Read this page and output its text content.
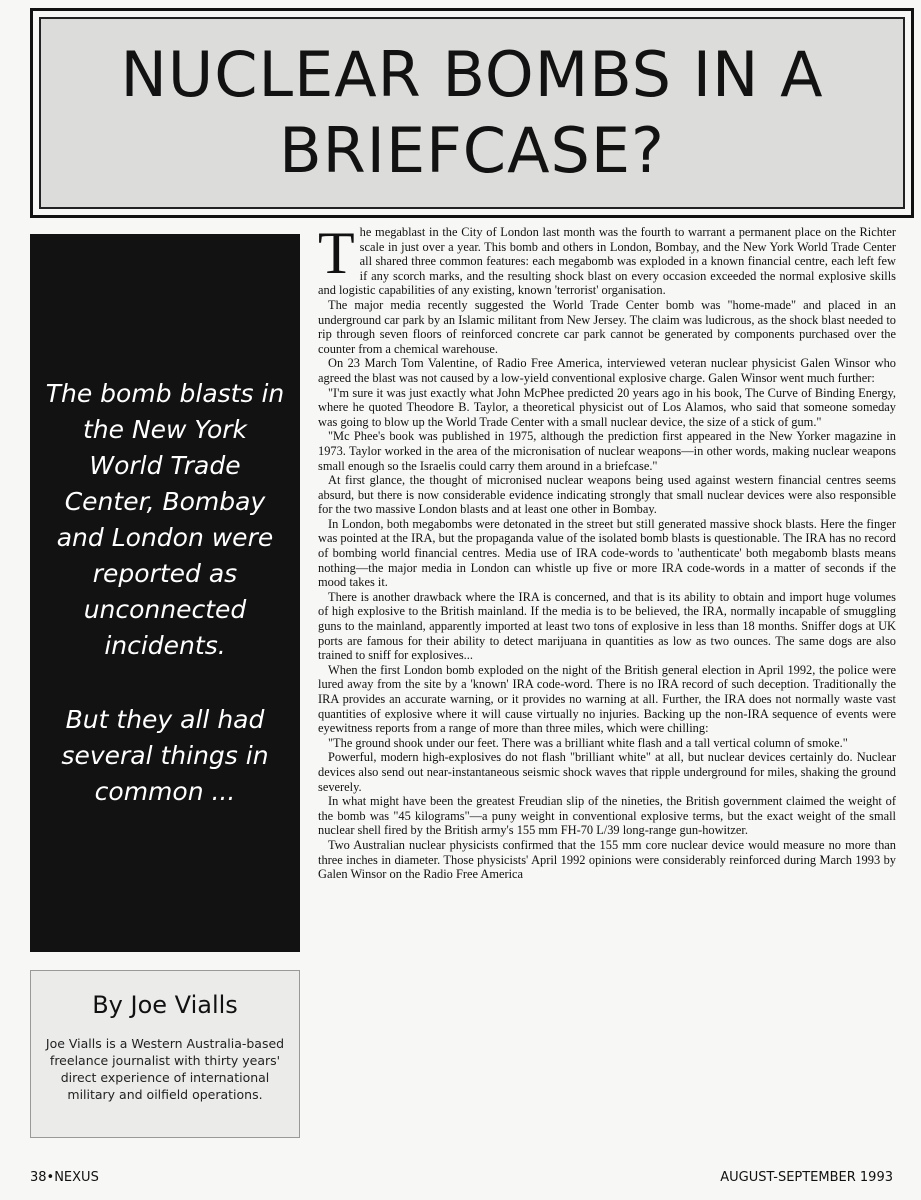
NUCLEAR BOMBS IN A
BRIEFCASE?
The bomb blasts in
the New York
World Trade
Center, Bombay
and London were
reported as
unconnected
incidents.
But they all had
several things in
common ...
By Joe Vialls
Joe Vialls is a Western Australia-based freelance journalist with thirty years' direct experience of international military and oilfield operations.

The megablast in the City of London last month was the fourth to warrant a permanent place on the Richter scale in just over a year. This bomb and others in London, Bombay, and the New York World Trade Center all shared three common features: each megabomb was exploded in a known financial centre, each left few if any scorch marks, and the resulting shock blast on every occasion exceeded the normal explosive skills and logistic capabilities of any existing, known 'terrorist' organisation.

The major media recently suggested the World Trade Center bomb was "home-made" and placed in an underground car park by an Islamic militant from New Jersey. The claim was ludicrous, as the shock blast needed to rip through seven floors of reinforced concrete car park cannot be generated by components purchased over the counter from a chemical warehouse.

On 23 March Tom Valentine, of Radio Free America, interviewed veteran nuclear physicist Galen Winsor who agreed the blast was not caused by a low-yield conventional explosive charge. Galen Winsor went much further:

"I'm sure it was just exactly what John McPhee predicted 20 years ago in his book, The Curve of Binding Energy, where he quoted Theodore B. Taylor, a theoretical physicist out of Los Alamos, who said that someone someday was going to blow up the World Trade Center with a small nuclear device, the size of a stick of gum."

"Mc Phee's book was published in 1975, although the prediction first appeared in the New Yorker magazine in 1973. Taylor worked in the area of the micronisation of nuclear weapons—in other words, making nuclear weapons small enough so the Israelis could carry them around in a briefcase."

At first glance, the thought of micronised nuclear weapons being used against western financial centres seems absurd, but there is now considerable evidence indicating strongly that small nuclear devices were also responsible for the two massive London blasts and at least one other in Bombay.

In London, both megabombs were detonated in the street but still generated massive shock blasts. Here the finger was pointed at the IRA, but the propaganda value of the isolated bomb blasts is questionable. The IRA has no record of bombing world financial centres. Media use of IRA code-words to 'authenticate' both megabomb blasts means nothing—the major media in London can whistle up five or more IRA code-words in a matter of seconds if the mood takes it.

There is another drawback where the IRA is concerned, and that is its ability to obtain and import huge volumes of high explosive to the British mainland. If the media is to be believed, the IRA, normally incapable of smuggling guns to the mainland, apparently imported at least two tons of explosive in less than 18 months. Sniffer dogs at UK ports are famous for their ability to detect marijuana in quantities as low as two ounces. The same dogs are also trained to sniff for explosives...

When the first London bomb exploded on the night of the British general election in April 1992, the police were lured away from the site by a 'known' IRA code-word. There is no IRA record of such deception. Traditionally the IRA provides an accurate warning, or it provides no warning at all. Further, the IRA does not normally waste vast quantities of explosive where it will cause virtually no injuries. Backing up the non-IRA sequence of events were eyewitness reports from a range of more than three miles, which were chilling:

"The ground shook under our feet. There was a brilliant white flash and a tall vertical column of smoke."

Powerful, modern high-explosives do not flash "brilliant white" at all, but nuclear devices certainly do. Nuclear devices also send out near-instantaneous seismic shock waves that ripple underground for miles, shaking the ground severely.

In what might have been the greatest Freudian slip of the nineties, the British government claimed the weight of the bomb was "45 kilograms"—a puny weight in conventional explosive terms, but the exact weight of the small nuclear shell fired by the British army's 155 mm FH-70 L/39 long-range gun-howitzer.

Two Australian nuclear physicists confirmed that the 155 mm core nuclear device would measure no more than three inches in diameter. Those physicists' April 1992 opinions were considerably reinforced during March 1993 by Galen Winsor on the Radio Free America

38•NEXUS	AUGUST-SEPTEMBER 1993
